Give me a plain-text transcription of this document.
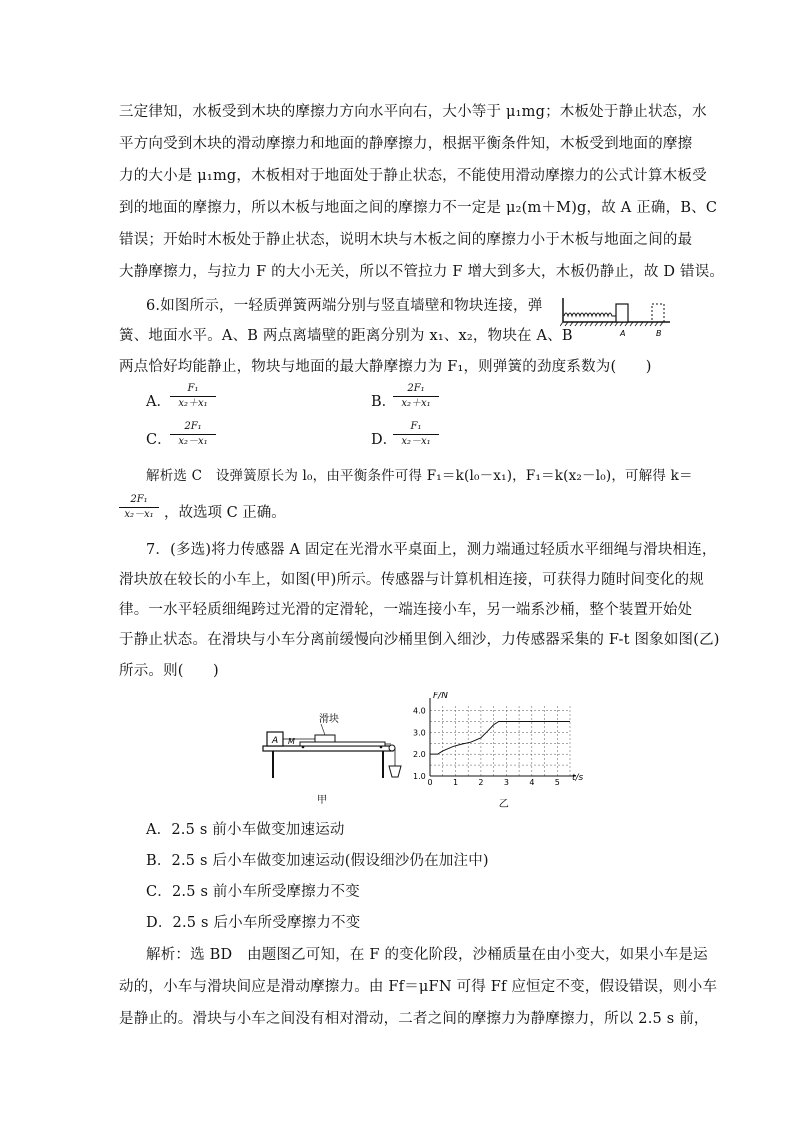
三定律知，水板受到木块的摩擦力方向水平向右，大小等于 μ₁mg；木板处于静止状态，水
平方向受到木块的滑动摩擦力和地面的静摩擦力，根据平衡条件知，木板受到地面的摩擦
力的大小是 μ₁mg，木板相对于地面处于静止状态，不能使用滑动摩擦力的公式计算木板受
到的地面的摩擦力，所以木板与地面之间的摩擦力不一定是 μ₂(m＋M)g，故 A 正确，B、C
错误；开始时木板处于静止状态，说明木块与木板之间的摩擦力小于木板与地面之间的最
大静摩擦力，与拉力 F 的大小无关，所以不管拉力 F 增大到多大，木板仍静止，故 D 错误。
6.如图所示，一轻质弹簧两端分别与竖直墙壁和物块连接，弹
簧、地面水平。A、B 两点离墙壁的距离分别为 x₁、x₂，物块在 A、B
两点恰好均能静止，物块与地面的最大静摩擦力为 F₁，则弹簧的劲度系数为(　　)
A	B
A．
F₁
x₂＋x₁	B．
2F₁
x₂＋x₁
C．
2F₁
x₂－x₁	D．
F₁
x₂－x₁
解析选 C　设弹簧原长为 l₀，由平衡条件可得 F₁＝k(l₀－x₁)，F₁＝k(x₂－l₀)，可解得 k＝
2F₁
x₂－x₁ ，故选项 C 正确。
7．(多选)将力传感器 A 固定在光滑水平桌面上，测力端通过轻质水平细绳与滑块相连，
滑块放在较长的小车上，如图(甲)所示。传感器与计算机相连接，可获得力随时间变化的规
律。一水平轻质细绳跨过光滑的定滑轮，一端连接小车，另一端系沙桶，整个装置开始处
于静止状态。在滑块与小车分离前缓慢向沙桶里倒入细沙，力传感器采集的 F-t 图象如图(乙)
所示。则(　　)
A M
滑块
甲
0	1	2	3	4	5
1.0
2.0
3.0
4.0
t/s
F/N
乙
A．2.5 s 前小车做变加速运动
B．2.5 s 后小车做变加速运动(假设细沙仍在加注中)
C．2.5 s 前小车所受摩擦力不变
D．2.5 s 后小车所受摩擦力不变
解析：选 BD　由题图乙可知，在 F 的变化阶段，沙桶质量在由小变大，如果小车是运
动的，小车与滑块间应是滑动摩擦力。由 Ff＝μFN 可得 Ff 应恒定不变，假设错误，则小车
是静止的。滑块与小车之间没有相对滑动，二者之间的摩擦力为静摩擦力，所以 2.5 s 前，
